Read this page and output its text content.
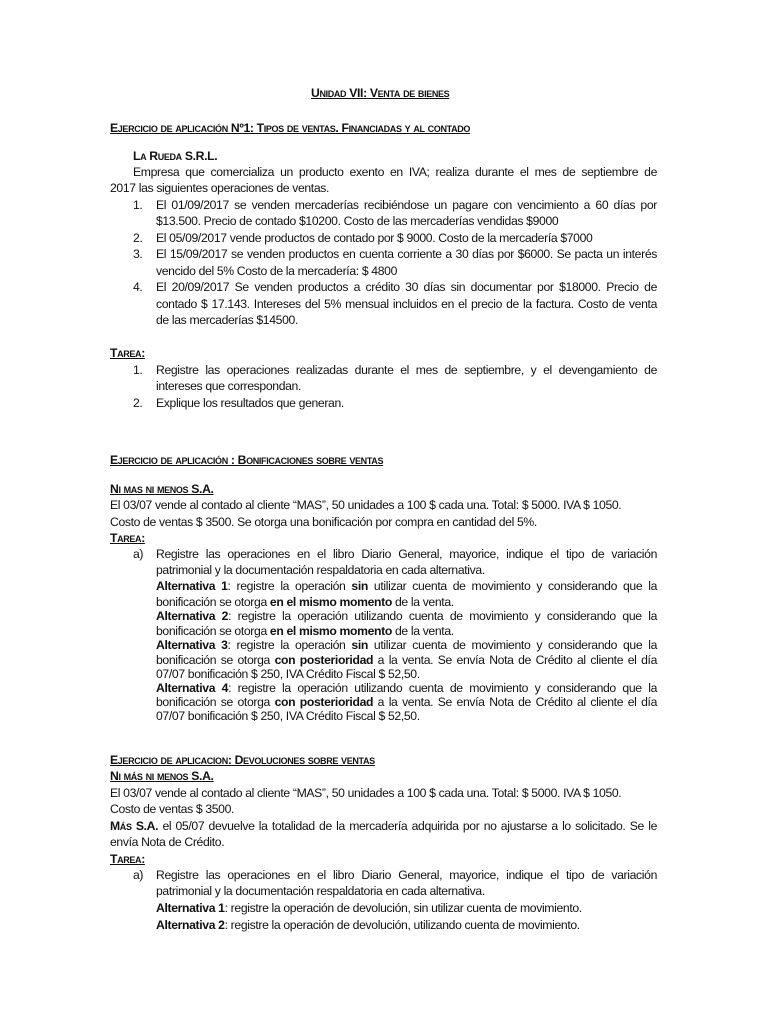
Unidad VII: Venta de bienes
Ejercicio de aplicación Nº1: Tipos de ventas. Financiadas y al contado
La Rueda S.R.L.
Empresa que comercializa un producto exento en IVA; realiza durante el mes de septiembre de
2017 las siguientes operaciones de ventas.
1. El 01/09/2017 se venden mercaderías recibiéndose un pagare con vencimiento a 60 días por
$13.500. Precio de contado $10200. Costo de las mercaderías vendidas $9000
2. El 05/09/2017 vende productos de contado por $ 9000. Costo de la mercadería $7000
3. El 15/09/2017 se venden productos en cuenta corriente a 30 días por $6000. Se pacta un interés
vencido del 5% Costo de la mercadería: $ 4800
4. El 20/09/2017 Se venden productos a crédito 30 días sin documentar por $18000. Precio de
contado $ 17.143. Intereses del 5% mensual incluidos en el precio de la factura. Costo de venta
de las mercaderías $14500.
Tarea:
1. Registre las operaciones realizadas durante el mes de septiembre, y el devengamiento de
intereses que correspondan.
2. Explique los resultados que generan.
Ejercicio de aplicación : Bonificaciones sobre ventas
Ni mas ni menos S.A.
El 03/07 vende al contado al cliente “MAS”, 50 unidades a 100 $ cada una. Total: $ 5000. IVA $ 1050.
Costo de ventas $ 3500. Se otorga una bonificación por compra en cantidad del 5%.
Tarea:
a) Registre las operaciones en el libro Diario General, mayorice, indique el tipo de variación
patrimonial y la documentación respaldatoria en cada alternativa.
Alternativa 1: registre la operación sin utilizar cuenta de movimiento y considerando que la
bonificación se otorga en el mismo momento de la venta.
Alternativa 2: registre la operación utilizando cuenta de movimiento y considerando que la
bonificación se otorga en el mismo momento de la venta.
Alternativa 3: registre la operación sin utilizar cuenta de movimiento y considerando que la
bonificación se otorga con posterioridad a la venta. Se envía Nota de Crédito al cliente el día
07/07 bonificación $ 250, IVA Crédito Fiscal $ 52,50.
Alternativa 4: registre la operación utilizando cuenta de movimiento y considerando que la
bonificación se otorga con posterioridad a la venta. Se envía Nota de Crédito al cliente el día
07/07 bonificación $ 250, IVA Crédito Fiscal $ 52,50.
Ejercicio de aplicacion: Devoluciones sobre ventas
Ni más ni menos S.A.
El 03/07 vende al contado al cliente “MAS”, 50 unidades a 100 $ cada una. Total: $ 5000. IVA $ 1050.
Costo de ventas $ 3500.
Más S.A. el 05/07 devuelve la totalidad de la mercadería adquirida por no ajustarse a lo solicitado. Se le
envía Nota de Crédito.
Tarea:
a) Registre las operaciones en el libro Diario General, mayorice, indique el tipo de variación
patrimonial y la documentación respaldatoria en cada alternativa.
Alternativa 1: registre la operación de devolución, sin utilizar cuenta de movimiento.
Alternativa 2: registre la operación de devolución, utilizando cuenta de movimiento.
